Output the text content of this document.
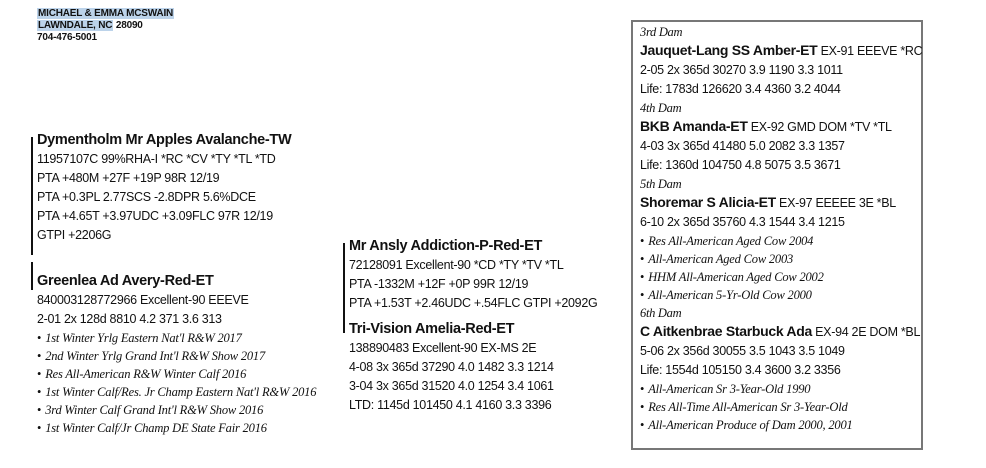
MICHAEL & EMMA MCSWAIN
LAWNDALE, NC 28090
704-476-5001
Dymentholm Mr Apples Avalanche-TW
11957107C 99%RHA-I *RC *CV *TY *TL *TD
PTA +480M +27F +19P 98R 12/19
PTA +0.3PL 2.77SCS -2.8DPR 5.6%DCE
PTA +4.65T +3.97UDC +3.09FLC 97R 12/19
GTPI +2206G
Greenlea Ad Avery-Red-ET
840003128772966 Excellent-90 EEEVE
2-01 2x 128d 8810 4.2 371 3.6 313
• 1st Winter Yrlg Eastern Nat'l R&W 2017
• 2nd Winter Yrlg Grand Int'l R&W Show 2017
• Res All-American R&W Winter Calf 2016
• 1st Winter Calf/Res. Jr Champ Eastern Nat'l R&W 2016
• 3rd Winter Calf Grand Int'l R&W Show 2016
• 1st Winter Calf/Jr Champ DE State Fair 2016
Mr Ansly Addiction-P-Red-ET
72128091 Excellent-90 *CD *TY *TV *TL
PTA -1332M +12F +0P 99R 12/19
PTA +1.53T +2.46UDC +.54FLC GTPI +2092G
Tri-Vision Amelia-Red-ET
138890483 Excellent-90 EX-MS 2E
4-08 3x 365d 37290 4.0 1482 3.3 1214
3-04 3x 365d 31520 4.0 1254 3.4 1061
LTD: 1145d 101450 4.1 4160 3.3 3396
3rd Dam
Jauquet-Lang SS Amber-ET EX-91 EEEVE *RC
2-05 2x 365d 30270 3.9 1190 3.3 1011
Life: 1783d 126620 3.4 4360 3.2 4044
4th Dam
BKB Amanda-ET EX-92 GMD DOM *TV *TL
4-03 3x 365d 41480 5.0 2082 3.3 1357
Life: 1360d 104750 4.8 5075 3.5 3671
5th Dam
Shoremar S Alicia-ET EX-97 EEEEE 3E *BL
6-10 2x 365d 35760 4.3 1544 3.4 1215
• Res All-American Aged Cow 2004
• All-American Aged Cow 2003
• HHM All-American Aged Cow 2002
• All-American 5-Yr-Old Cow 2000
6th Dam
C Aitkenbrae Starbuck Ada EX-94 2E DOM *BL
5-06 2x 356d 30055 3.5 1043 3.5 1049
Life: 1554d 105150 3.4 3600 3.2 3356
• All-American Sr 3-Year-Old 1990
• Res All-Time All-American Sr 3-Year-Old
• All-American Produce of Dam 2000, 2001
